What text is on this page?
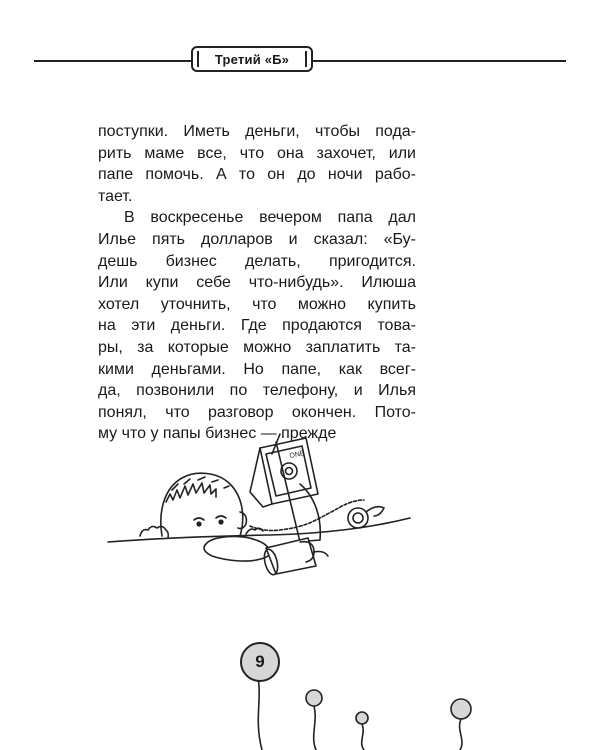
Третий «Б»
поступки. Иметь деньги, чтобы пода-
рить маме все, что она захочет, или
папе помочь. А то он до ночи рабо-
тает.
В воскресенье вечером папа дал
Илье пять долларов и сказал: «Бу-
дешь бизнес делать, пригодится.
Или купи себе что-нибудь». Илюша
хотел уточнить, что можно купить
на эти деньги. Где продаются това-
ры, за которые можно заплатить та-
кими деньгами. Но папе, как всег-
да, позвонили по телефону, и Илья
понял, что разговор окончен. Пото-
му что у папы бизнес — прежде
ONE
9
